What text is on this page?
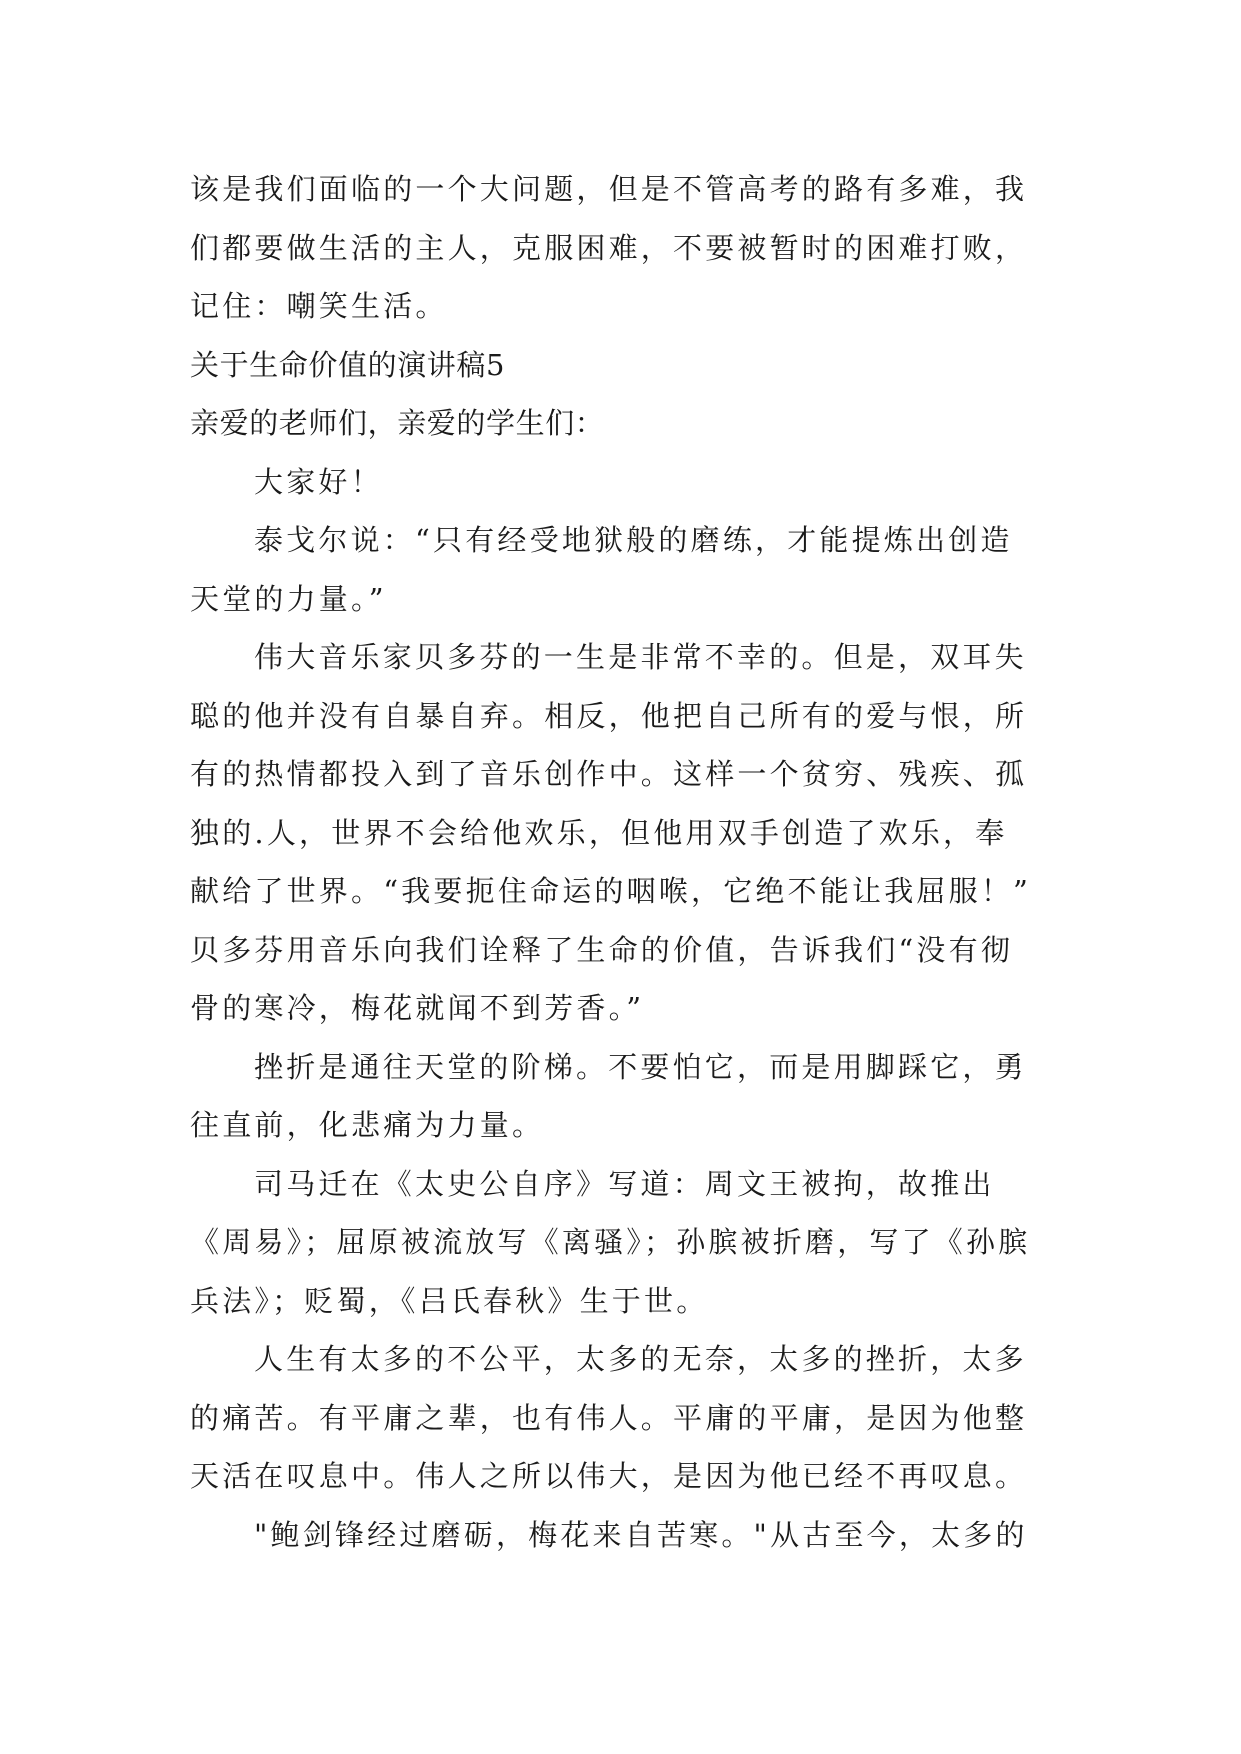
该是我们面临的一个大问题，但是不管高考的路有多难，我
们都要做生活的主人，克服困难，不要被暂时的困难打败，
记住：嘲笑生活。
关于生命价值的演讲稿5
亲爱的老师们，亲爱的学生们：
大家好！
泰戈尔说：“只有经受地狱般的磨练，才能提炼出创造
天堂的力量。”
伟大音乐家贝多芬的一生是非常不幸的。但是，双耳失
聪的他并没有自暴自弃。相反，他把自己所有的爱与恨，所
有的热情都投入到了音乐创作中。这样一个贫穷、残疾、孤
独的.人，世界不会给他欢乐，但他用双手创造了欢乐，奉
献给了世界。“我要扼住命运的咽喉，它绝不能让我屈服！”
贝多芬用音乐向我们诠释了生命的价值，告诉我们“没有彻
骨的寒冷，梅花就闻不到芳香。”
挫折是通往天堂的阶梯。不要怕它，而是用脚踩它，勇
往直前，化悲痛为力量。
司马迁在《太史公自序》写道：周文王被拘，故推出
《周易》；屈原被流放写《离骚》；孙膑被折磨，写了《孙膑
兵法》；贬蜀，《吕氏春秋》生于世。
人生有太多的不公平，太多的无奈，太多的挫折，太多
的痛苦。有平庸之辈，也有伟人。平庸的平庸，是因为他整
天活在叹息中。伟人之所以伟大，是因为他已经不再叹息。
"鲍剑锋经过磨砺，梅花来自苦寒。"从古至今，太多的
